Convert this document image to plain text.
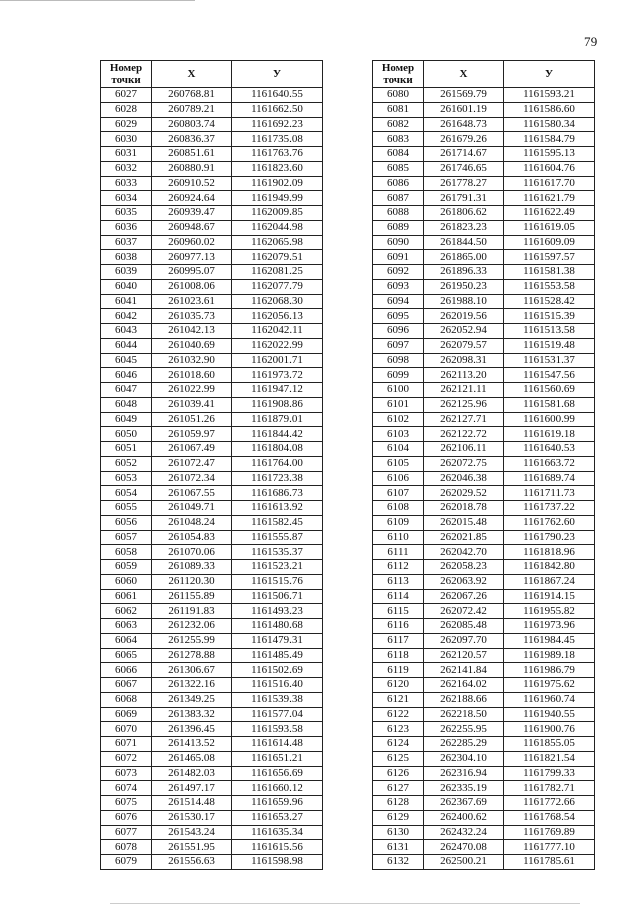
79
Номер точки	X	У
6027	260768.81	1161640.55
6028	260789.21	1161662.50
6029	260803.74	1161692.23
6030	260836.37	1161735.08
6031	260851.61	1161763.76
6032	260880.91	1161823.60
6033	260910.52	1161902.09
6034	260924.64	1161949.99
6035	260939.47	1162009.85
6036	260948.67	1162044.98
6037	260960.02	1162065.98
6038	260977.13	1162079.51
6039	260995.07	1162081.25
6040	261008.06	1162077.79
6041	261023.61	1162068.30
6042	261035.73	1162056.13
6043	261042.13	1162042.11
6044	261040.69	1162022.99
6045	261032.90	1162001.71
6046	261018.60	1161973.72
6047	261022.99	1161947.12
6048	261039.41	1161908.86
6049	261051.26	1161879.01
6050	261059.97	1161844.42
6051	261067.49	1161804.08
6052	261072.47	1161764.00
6053	261072.34	1161723.38
6054	261067.55	1161686.73
6055	261049.71	1161613.92
6056	261048.24	1161582.45
6057	261054.83	1161555.87
6058	261070.06	1161535.37
6059	261089.33	1161523.21
6060	261120.30	1161515.76
6061	261155.89	1161506.71
6062	261191.83	1161493.23
6063	261232.06	1161480.68
6064	261255.99	1161479.31
6065	261278.88	1161485.49
6066	261306.67	1161502.69
6067	261322.16	1161516.40
6068	261349.25	1161539.38
6069	261383.32	1161577.04
6070	261396.45	1161593.58
6071	261413.52	1161614.48
6072	261465.08	1161651.21
6073	261482.03	1161656.69
6074	261497.17	1161660.12
6075	261514.48	1161659.96
6076	261530.17	1161653.27
6077	261543.24	1161635.34
6078	261551.95	1161615.56
6079	261556.63	1161598.98
Номер точки	X	У
6080	261569.79	1161593.21
6081	261601.19	1161586.60
6082	261648.73	1161580.34
6083	261679.26	1161584.79
6084	261714.67	1161595.13
6085	261746.65	1161604.76
6086	261778.27	1161617.70
6087	261791.31	1161621.79
6088	261806.62	1161622.49
6089	261823.23	1161619.05
6090	261844.50	1161609.09
6091	261865.00	1161597.57
6092	261896.33	1161581.38
6093	261950.23	1161553.58
6094	261988.10	1161528.42
6095	262019.56	1161515.39
6096	262052.94	1161513.58
6097	262079.57	1161519.48
6098	262098.31	1161531.37
6099	262113.20	1161547.56
6100	262121.11	1161560.69
6101	262125.96	1161581.68
6102	262127.71	1161600.99
6103	262122.72	1161619.18
6104	262106.11	1161640.53
6105	262072.75	1161663.72
6106	262046.38	1161689.74
6107	262029.52	1161711.73
6108	262018.78	1161737.22
6109	262015.48	1161762.60
6110	262021.85	1161790.23
6111	262042.70	1161818.96
6112	262058.23	1161842.80
6113	262063.92	1161867.24
6114	262067.26	1161914.15
6115	262072.42	1161955.82
6116	262085.48	1161973.96
6117	262097.70	1161984.45
6118	262120.57	1161989.18
6119	262141.84	1161986.79
6120	262164.02	1161975.62
6121	262188.66	1161960.74
6122	262218.50	1161940.55
6123	262255.95	1161900.76
6124	262285.29	1161855.05
6125	262304.10	1161821.54
6126	262316.94	1161799.33
6127	262335.19	1161782.71
6128	262367.69	1161772.66
6129	262400.62	1161768.54
6130	262432.24	1161769.89
6131	262470.08	1161777.10
6132	262500.21	1161785.61
